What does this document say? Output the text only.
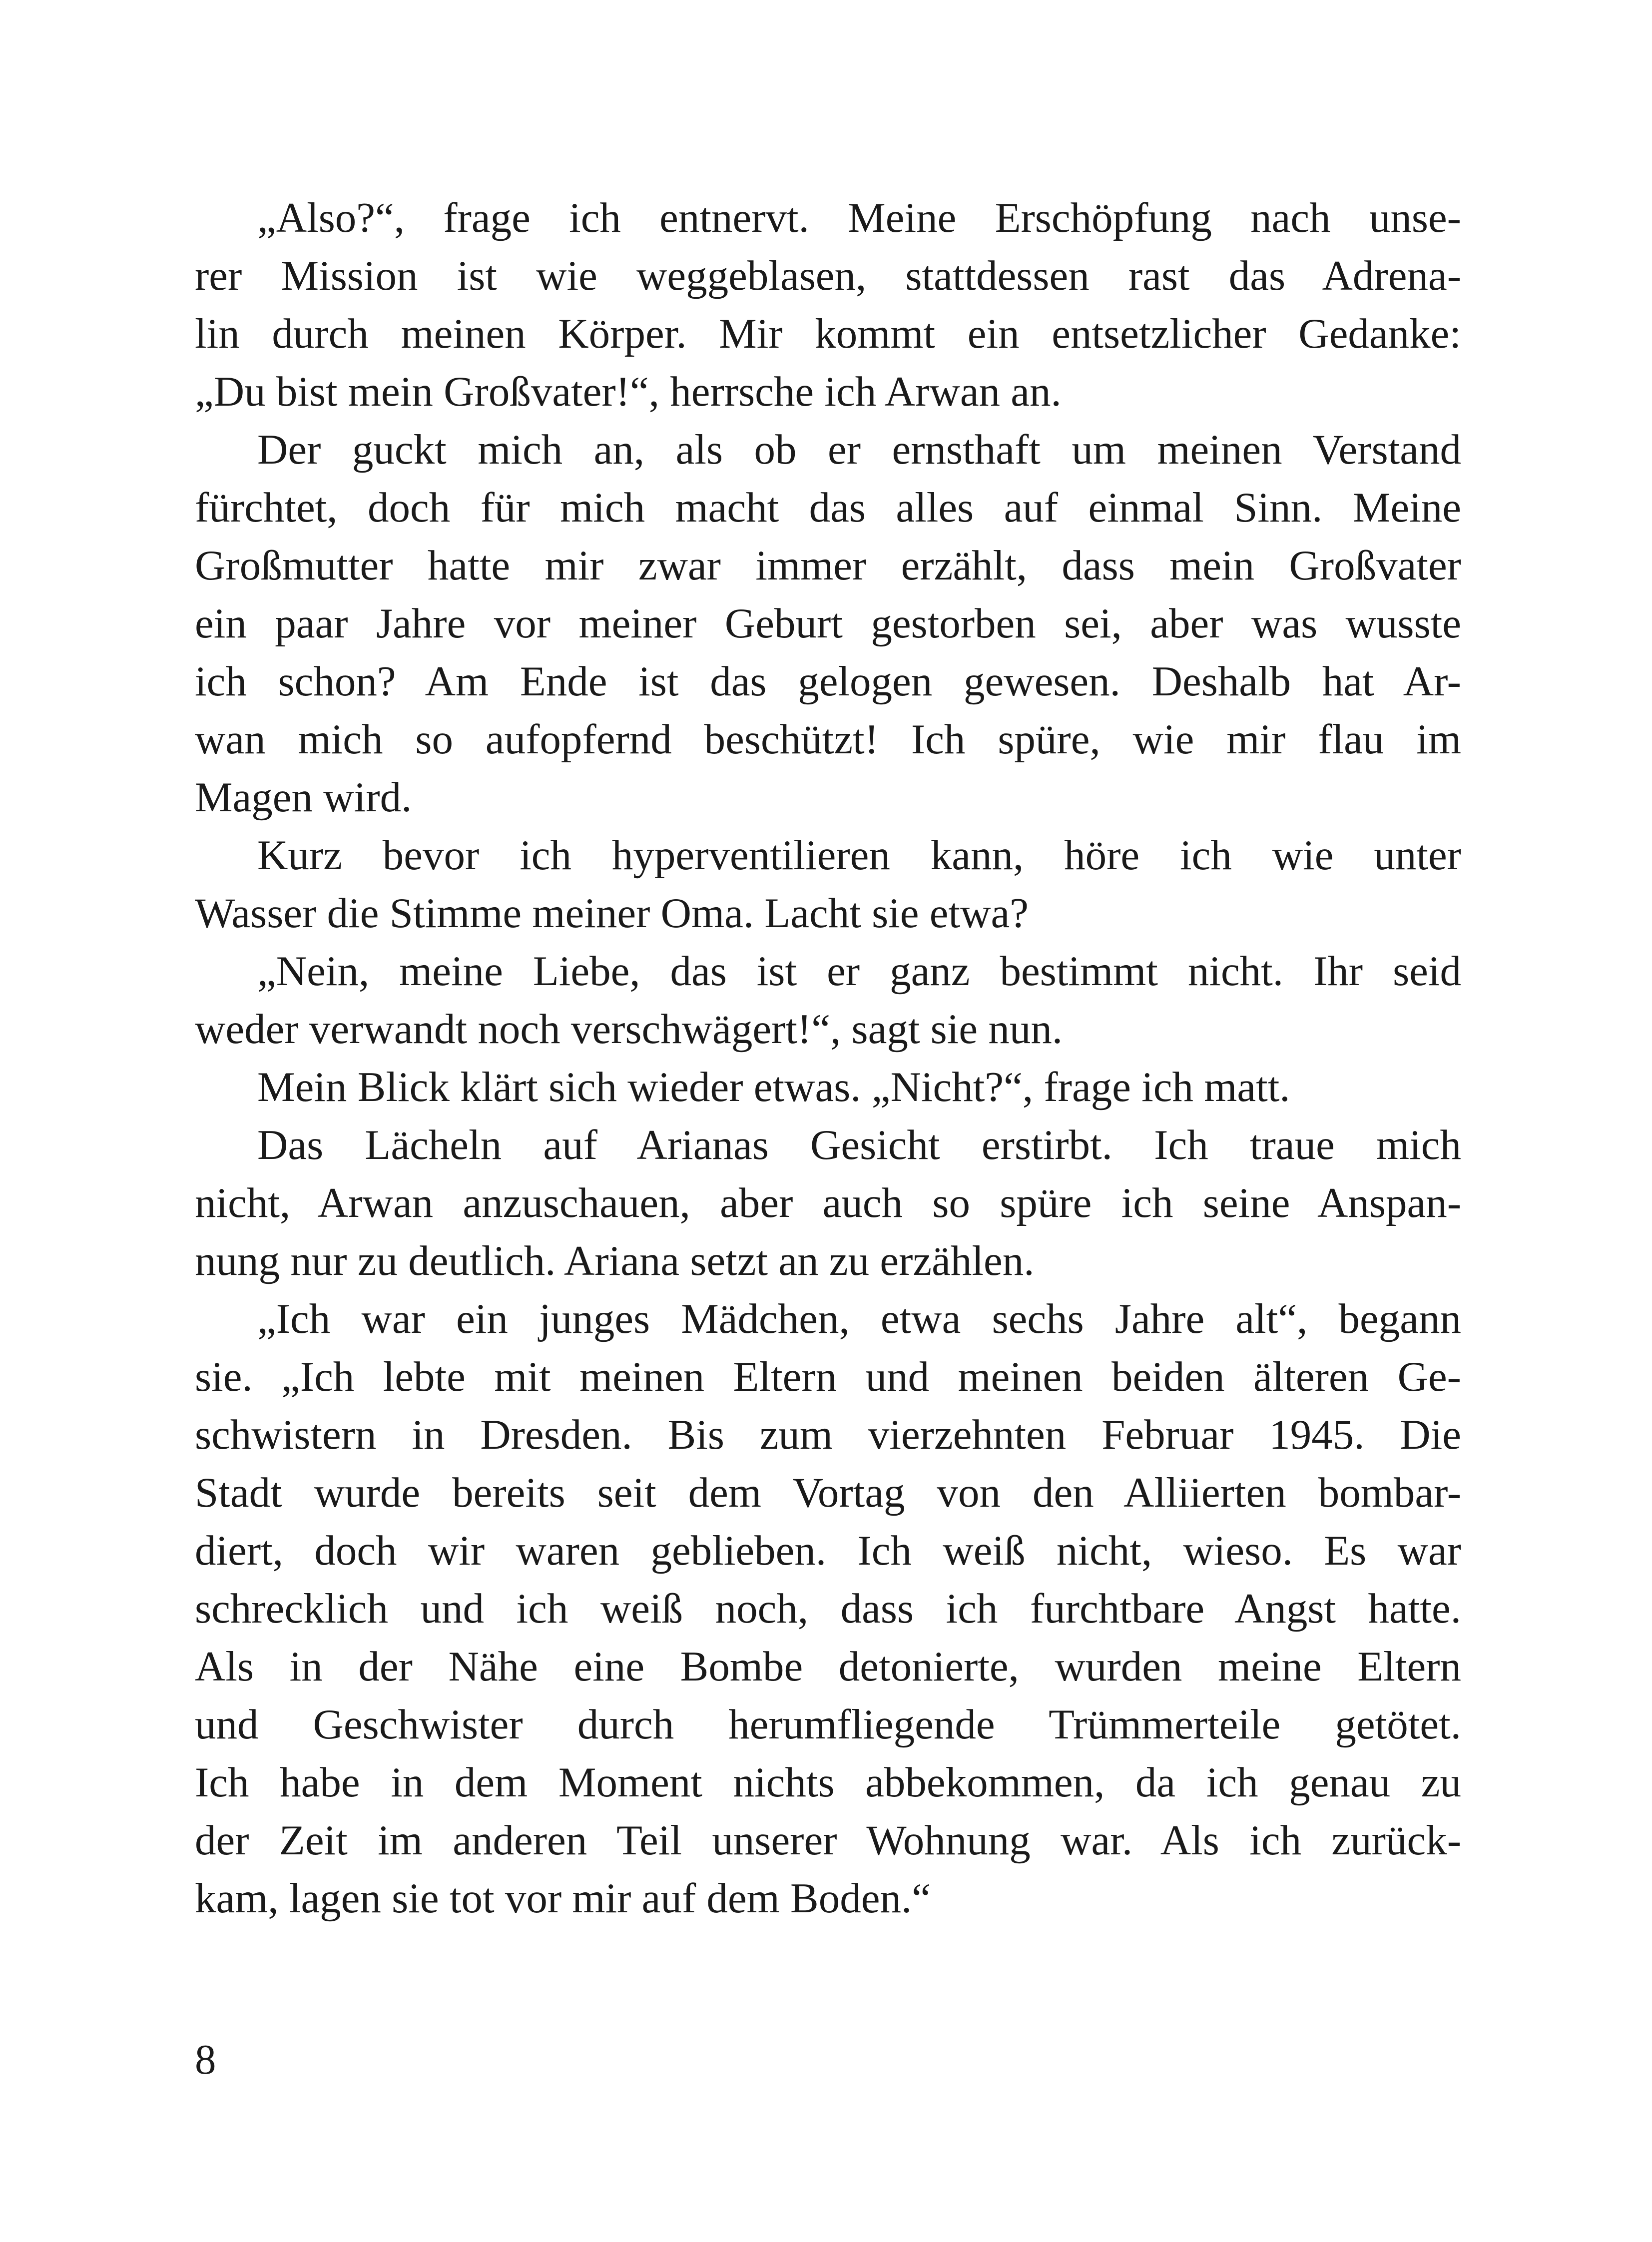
„Also?“, frage ich entnervt. Meine Erschöpfung nach unse-
rer Mission ist wie weggeblasen, stattdessen rast das Adrena-
lin durch meinen Körper. Mir kommt ein entsetzlicher Gedanke:
„Du bist mein Großvater!“, herrsche ich Arwan an.
Der guckt mich an, als ob er ernsthaft um meinen Verstand
fürchtet, doch für mich macht das alles auf einmal Sinn. Meine
Großmutter hatte mir zwar immer erzählt, dass mein Großvater
ein paar Jahre vor meiner Geburt gestorben sei, aber was wusste
ich schon? Am Ende ist das gelogen gewesen. Deshalb hat Ar-
wan mich so aufopfernd beschützt! Ich spüre, wie mir flau im
Magen wird.
Kurz bevor ich hyperventilieren kann, höre ich wie unter
Wasser die Stimme meiner Oma. Lacht sie etwa?
„Nein, meine Liebe, das ist er ganz bestimmt nicht. Ihr seid
weder verwandt noch verschwägert!“, sagt sie nun.
Mein Blick klärt sich wieder etwas. „Nicht?“, frage ich matt.
Das Lächeln auf Arianas Gesicht erstirbt. Ich traue mich
nicht, Arwan anzuschauen, aber auch so spüre ich seine Anspan-
nung nur zu deutlich. Ariana setzt an zu erzählen.
„Ich war ein junges Mädchen, etwa sechs Jahre alt“, begann
sie. „Ich lebte mit meinen Eltern und meinen beiden älteren Ge-
schwistern in Dresden. Bis zum vierzehnten Februar 1945. Die
Stadt wurde bereits seit dem Vortag von den Alliierten bombar-
diert, doch wir waren geblieben. Ich weiß nicht, wieso. Es war
schrecklich und ich weiß noch, dass ich furchtbare Angst hatte.
Als in der Nähe eine Bombe detonierte, wurden meine Eltern
und Geschwister durch herumfliegende Trümmerteile getötet.
Ich habe in dem Moment nichts abbekommen, da ich genau zu
der Zeit im anderen Teil unserer Wohnung war. Als ich zurück-
kam, lagen sie tot vor mir auf dem Boden.“
8
